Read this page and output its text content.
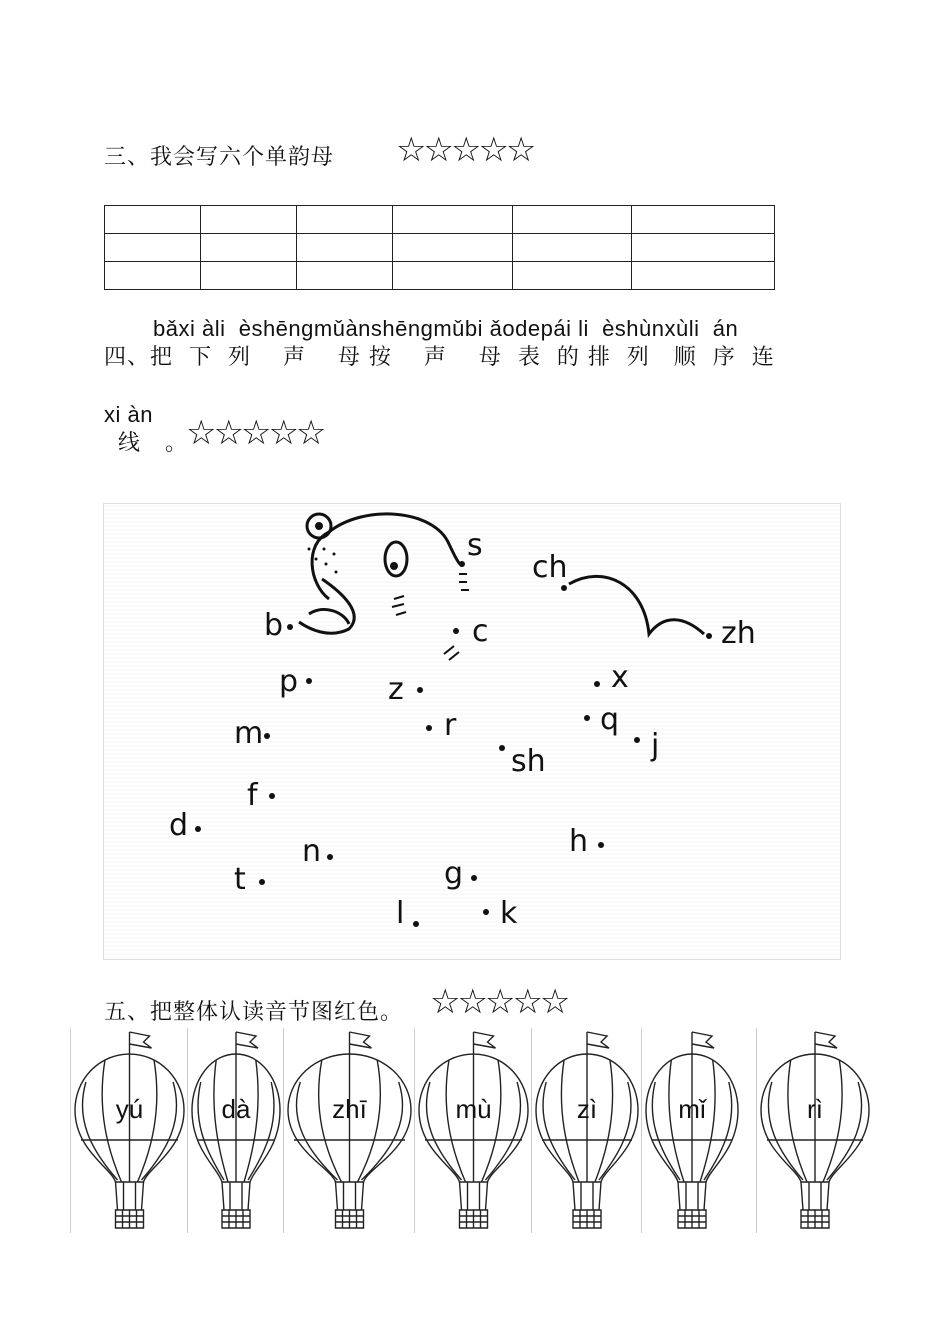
三、我会写六个单韵母 ☆☆☆☆☆

bǎxi àli  èshēngmǔànshēngmǔbi ǎodepái li  èshùnxùli  án
四、把  下  列    声    母 按    声    母  表  的 排  列   顺  序  连
xi àn
线   。
☆☆☆☆☆
s
ch
zh
b	c
p	z	x
m	r	q
j
sh
f
d	h
n
t	g
l	k
五、把整体认读音节图红色。 ☆☆☆☆☆
yú	dà	zhī	mù	zì	mǐ	rì
